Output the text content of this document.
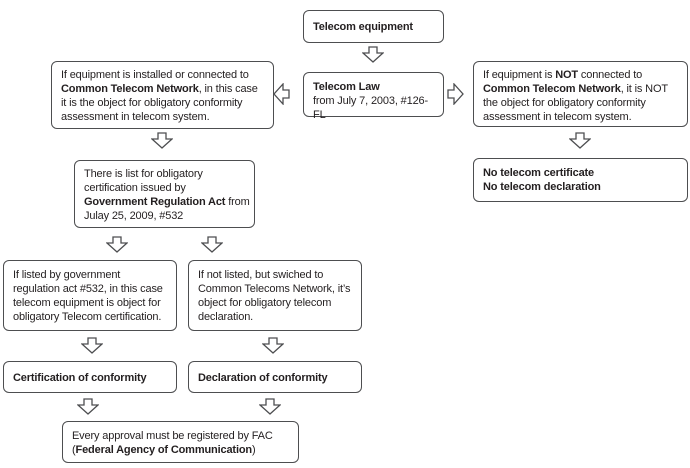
Telecom equipment
Telecom Law
from July 7, 2003, #126-FL
If equipment is installed or connected to
Common Telecom Network, in this case
it is the object for obligatory conformity
assessment in telecom system.
If equipment is NOT connected to
Common Telecom Network, it is NOT
the object for obligatory conformity
assessment in telecom system.
There is list for obligatory
certification issued by
Government Regulation Act from
Julay 25, 2009, #532
No telecom certificate
No telecom declaration
If listed by government
regulation act #532, in this case
telecom equipment is object for
obligatory Telecom certification.
If not listed, but swiched to
Common Telecoms Network, it’s
object for obligatory telecom
declaration.
Certification of conformity	Declaration of conformity
Every approval must be registered by FAC
(Federal Agency of Communication)
